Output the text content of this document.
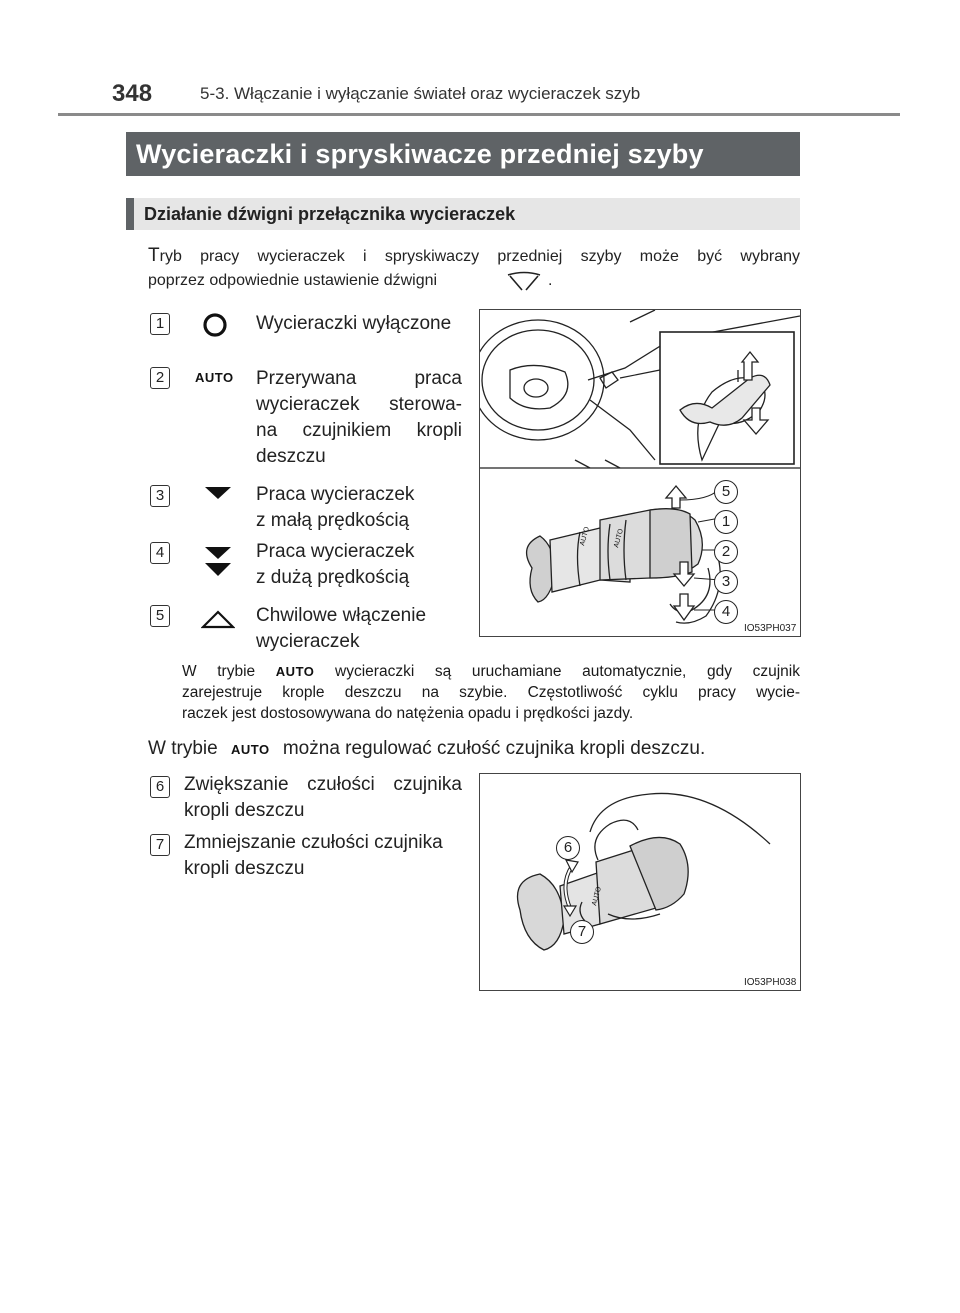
348	5-3. Włączanie i wyłączanie świateł oraz wycieraczek szyb
Wycieraczki i spryskiwacze przedniej szyby
Działanie dźwigni przełącznika wycieraczek
Tryb pracy wycieraczek i spryskiwaczy przedniej szyby może być wybrany
poprzez odpowiednie ustawienie dźwigni	.
1	Wycieraczki wyłączone
2	AUTO Przerywana praca
wycieraczek sterowa-
na czujnikiem kropli
deszczu
3	Praca wycieraczek
z małą prędkością
4	Praca wycieraczek
z dużą prędkością
5	Chwilowe włączenie
wycieraczek
AUTO	AUTO
5
1
2
3
4
IO53PH037
W trybie AUTO wycieraczki są uruchamiane automatycznie, gdy czujnik
zarejestruje krople deszczu na szybie. Częstotliwość cyklu pracy wycie-
raczek jest dostosowywana do natężenia opadu i prędkości jazdy.
W trybie AUTO można regulować czułość czujnika kropli deszczu.
6	Zwiększanie czułości czujnika
kropli deszczu
7	Zmniejszanie czułości czujnika
kropli deszczu
AUTO
6
7
IO53PH038
